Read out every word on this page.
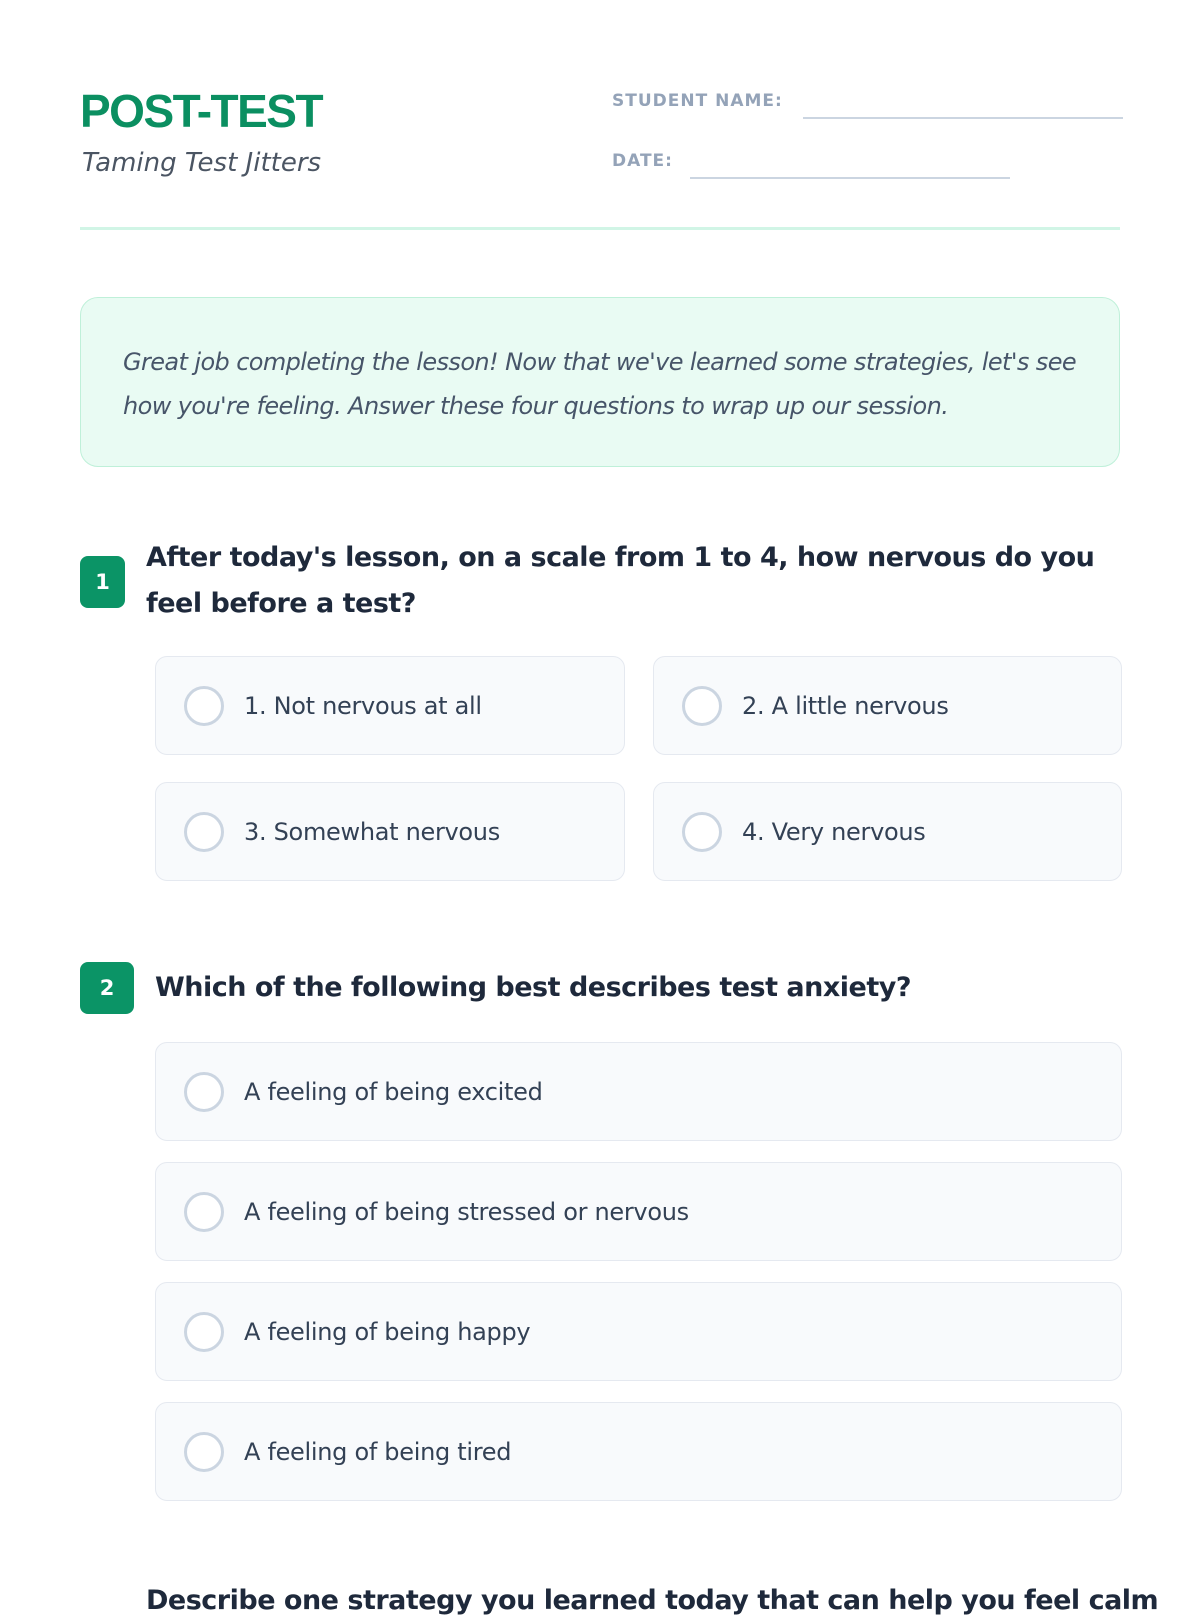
POST-TEST
Taming Test Jitters
STUDENT NAME:
DATE:

Great job completing the lesson! Now that we've learned some strategies, let's see how you're feeling. Answer these four questions to wrap up our session.

1
After today's lesson, on a scale from 1 to 4, how nervous do you feel before a test?
1. Not nervous at all	2. A little nervous
3. Somewhat nervous	4. Very nervous
2	Which of the following best describes test anxiety?
A feeling of being excited
A feeling of being stressed or nervous
A feeling of being happy
A feeling of being tired
Describe one strategy you learned today that can help you feel calm
